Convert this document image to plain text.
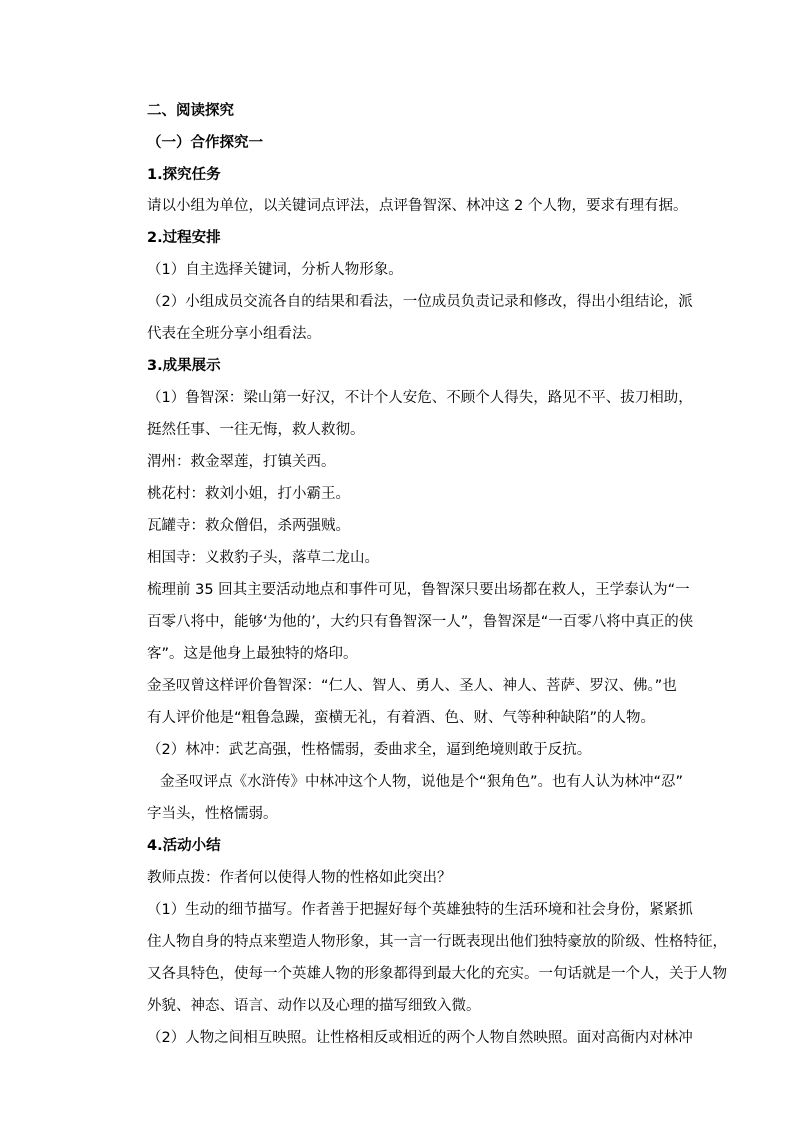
二、阅读探究
（一）合作探究一
1.探究任务
请以小组为单位，以关键词点评法，点评鲁智深、林冲这 2 个人物，要求有理有据。
2.过程安排
（1）自主选择关键词，分析人物形象。
（2）小组成员交流各自的结果和看法，一位成员负责记录和修改，得出小组结论，派
代表在全班分享小组看法。
3.成果展示
（1）鲁智深：梁山第一好汉，不计个人安危、不顾个人得失，路见不平、拔刀相助，
挺然任事、一往无悔，救人救彻。
渭州：救金翠莲，打镇关西。
桃花村：救刘小姐，打小霸王。
瓦罐寺：救众僧侣，杀两强贼。
相国寺：义救豹子头，落草二龙山。
梳理前 35 回其主要活动地点和事件可见，鲁智深只要出场都在救人，王学泰认为“一
百零八将中，能够‘为他的’，大约只有鲁智深一人”，鲁智深是“一百零八将中真正的侠
客”。这是他身上最独特的烙印。
金圣叹曾这样评价鲁智深：“仁人、智人、勇人、圣人、神人、菩萨、罗汉、佛。”也
有人评价他是“粗鲁急躁，蛮横无礼，有着酒、色、财、气等种种缺陷”的人物。
（2）林冲：武艺高强，性格懦弱，委曲求全，逼到绝境则敢于反抗。
金圣叹评点《水浒传》中林冲这个人物，说他是个“狠角色”。也有人认为林冲“忍”
字当头，性格懦弱。
4.活动小结
教师点拨：作者何以使得人物的性格如此突出？
（1）生动的细节描写。作者善于把握好每个英雄独特的生活环境和社会身份，紧紧抓
住人物自身的特点来塑造人物形象，其一言一行既表现出他们独特豪放的阶级、性格特征，
又各具特色，使每一个英雄人物的形象都得到最大化的充实。一句话就是一个人，关于人物
外貌、神态、语言、动作以及心理的描写细致入微。
（2）人物之间相互映照。让性格相反或相近的两个人物自然映照。面对高衙内对林冲
